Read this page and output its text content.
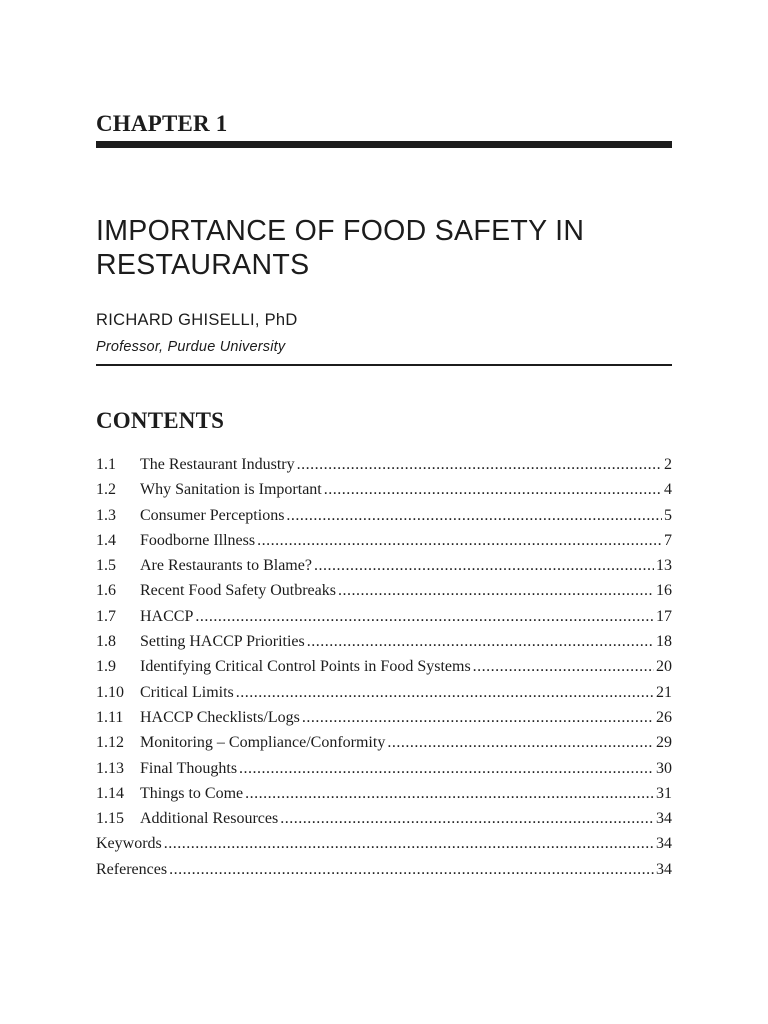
CHAPTER 1
IMPORTANCE OF FOOD SAFETY IN RESTAURANTS
RICHARD GHISELLI, PhD
Professor, Purdue University
CONTENTS
1.1	The Restaurant Industry .....	2
1.2	Why Sanitation is Important .....	4
1.3	Consumer Perceptions .....	5
1.4	Foodborne Illness .....	7
1.5	Are Restaurants to Blame? .....	13
1.6	Recent Food Safety Outbreaks .....	16
1.7	HACCP .....	17
1.8	Setting HACCP Priorities .....	18
1.9	Identifying Critical Control Points in Food Systems .....	20
1.10	Critical Limits .....	21
1.11	HACCP Checklists/Logs .....	26
1.12	Monitoring – Compliance/Conformity .....	29
1.13	Final Thoughts .....	30
1.14	Things to Come .....	31
1.15	Additional Resources .....	34
Keywords .....	34
References .....	34
